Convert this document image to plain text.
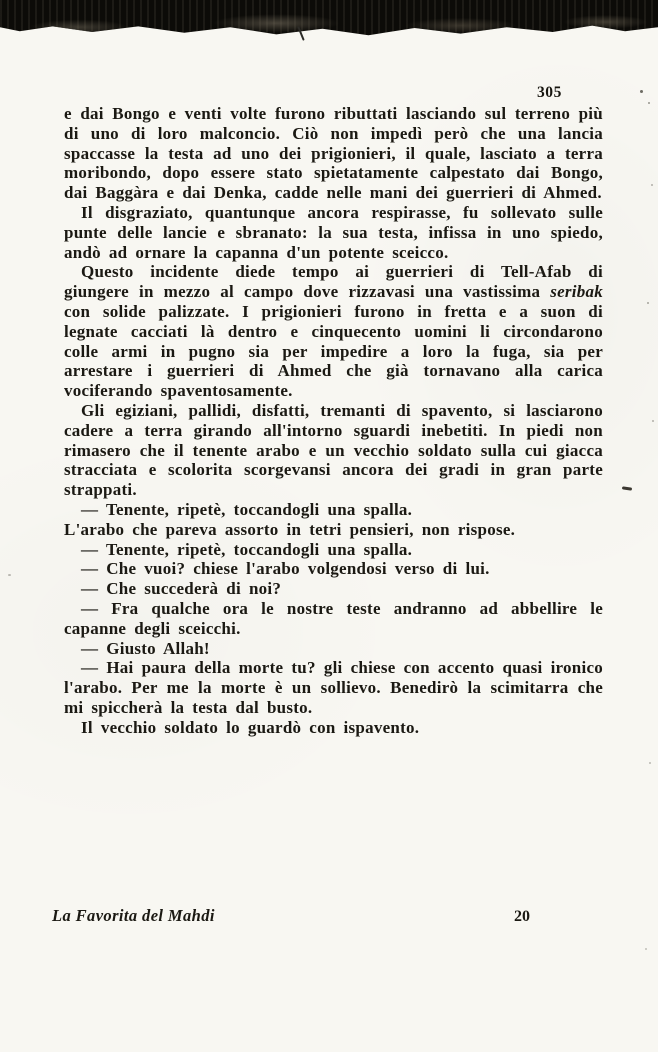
305

e dai Bongo e venti volte furono ributtati lasciando sul terreno più di uno di loro malconcio. Ciò non impedì però che una lancia spaccasse la testa ad uno dei prigionieri, il quale, lasciato a terra moribondo, dopo essere stato spietatamente calpestato dai Bongo, dai Baggàra e dai Denka, cadde nelle mani dei guerrieri di Ahmed.

Il disgraziato, quantunque ancora respirasse, fu sollevato sulle punte delle lancie e sbranato: la sua testa, infissa in uno spiedo, andò ad ornare la capanna d'un potente sceicco.

Questo incidente diede tempo ai guerrieri di Tell-Afab di giungere in mezzo al campo dove rizzavasi una vastissima seribak con solide palizzate. I prigionieri furono in fretta e a suon di legnate cacciati là dentro e cinquecento uomini li circondarono colle armi in pugno sia per impedire a loro la fuga, sia per arrestare i guerrieri di Ahmed che già tornavano alla carica vociferando spaventosamente.

Gli egiziani, pallidi, disfatti, tremanti di spavento, si lasciarono cadere a terra girando all'intorno sguardi inebetiti. In piedi non rimasero che il tenente arabo e un vecchio soldato sulla cui giacca stracciata e scolorita scorgevansi ancora dei gradi in gran parte strappati.

— Tenente, ripetè, toccandogli una spalla.

L'arabo che pareva assorto in tetri pensieri, non rispose.

— Tenente, ripetè, toccandogli una spalla.

— Che vuoi? chiese l'arabo volgendosi verso di lui.

— Che succederà di noi?

— Fra qualche ora le nostre teste andranno ad abbellire le capanne degli sceicchi.

— Giusto Allah!

— Hai paura della morte tu? gli chiese con accento quasi ironico l'arabo. Per me la morte è un sollievo. Benedirò la scimitarra che mi spiccherà la testa dal busto.

Il vecchio soldato lo guardò con ispavento.

La Favorita del Mahdi	20
